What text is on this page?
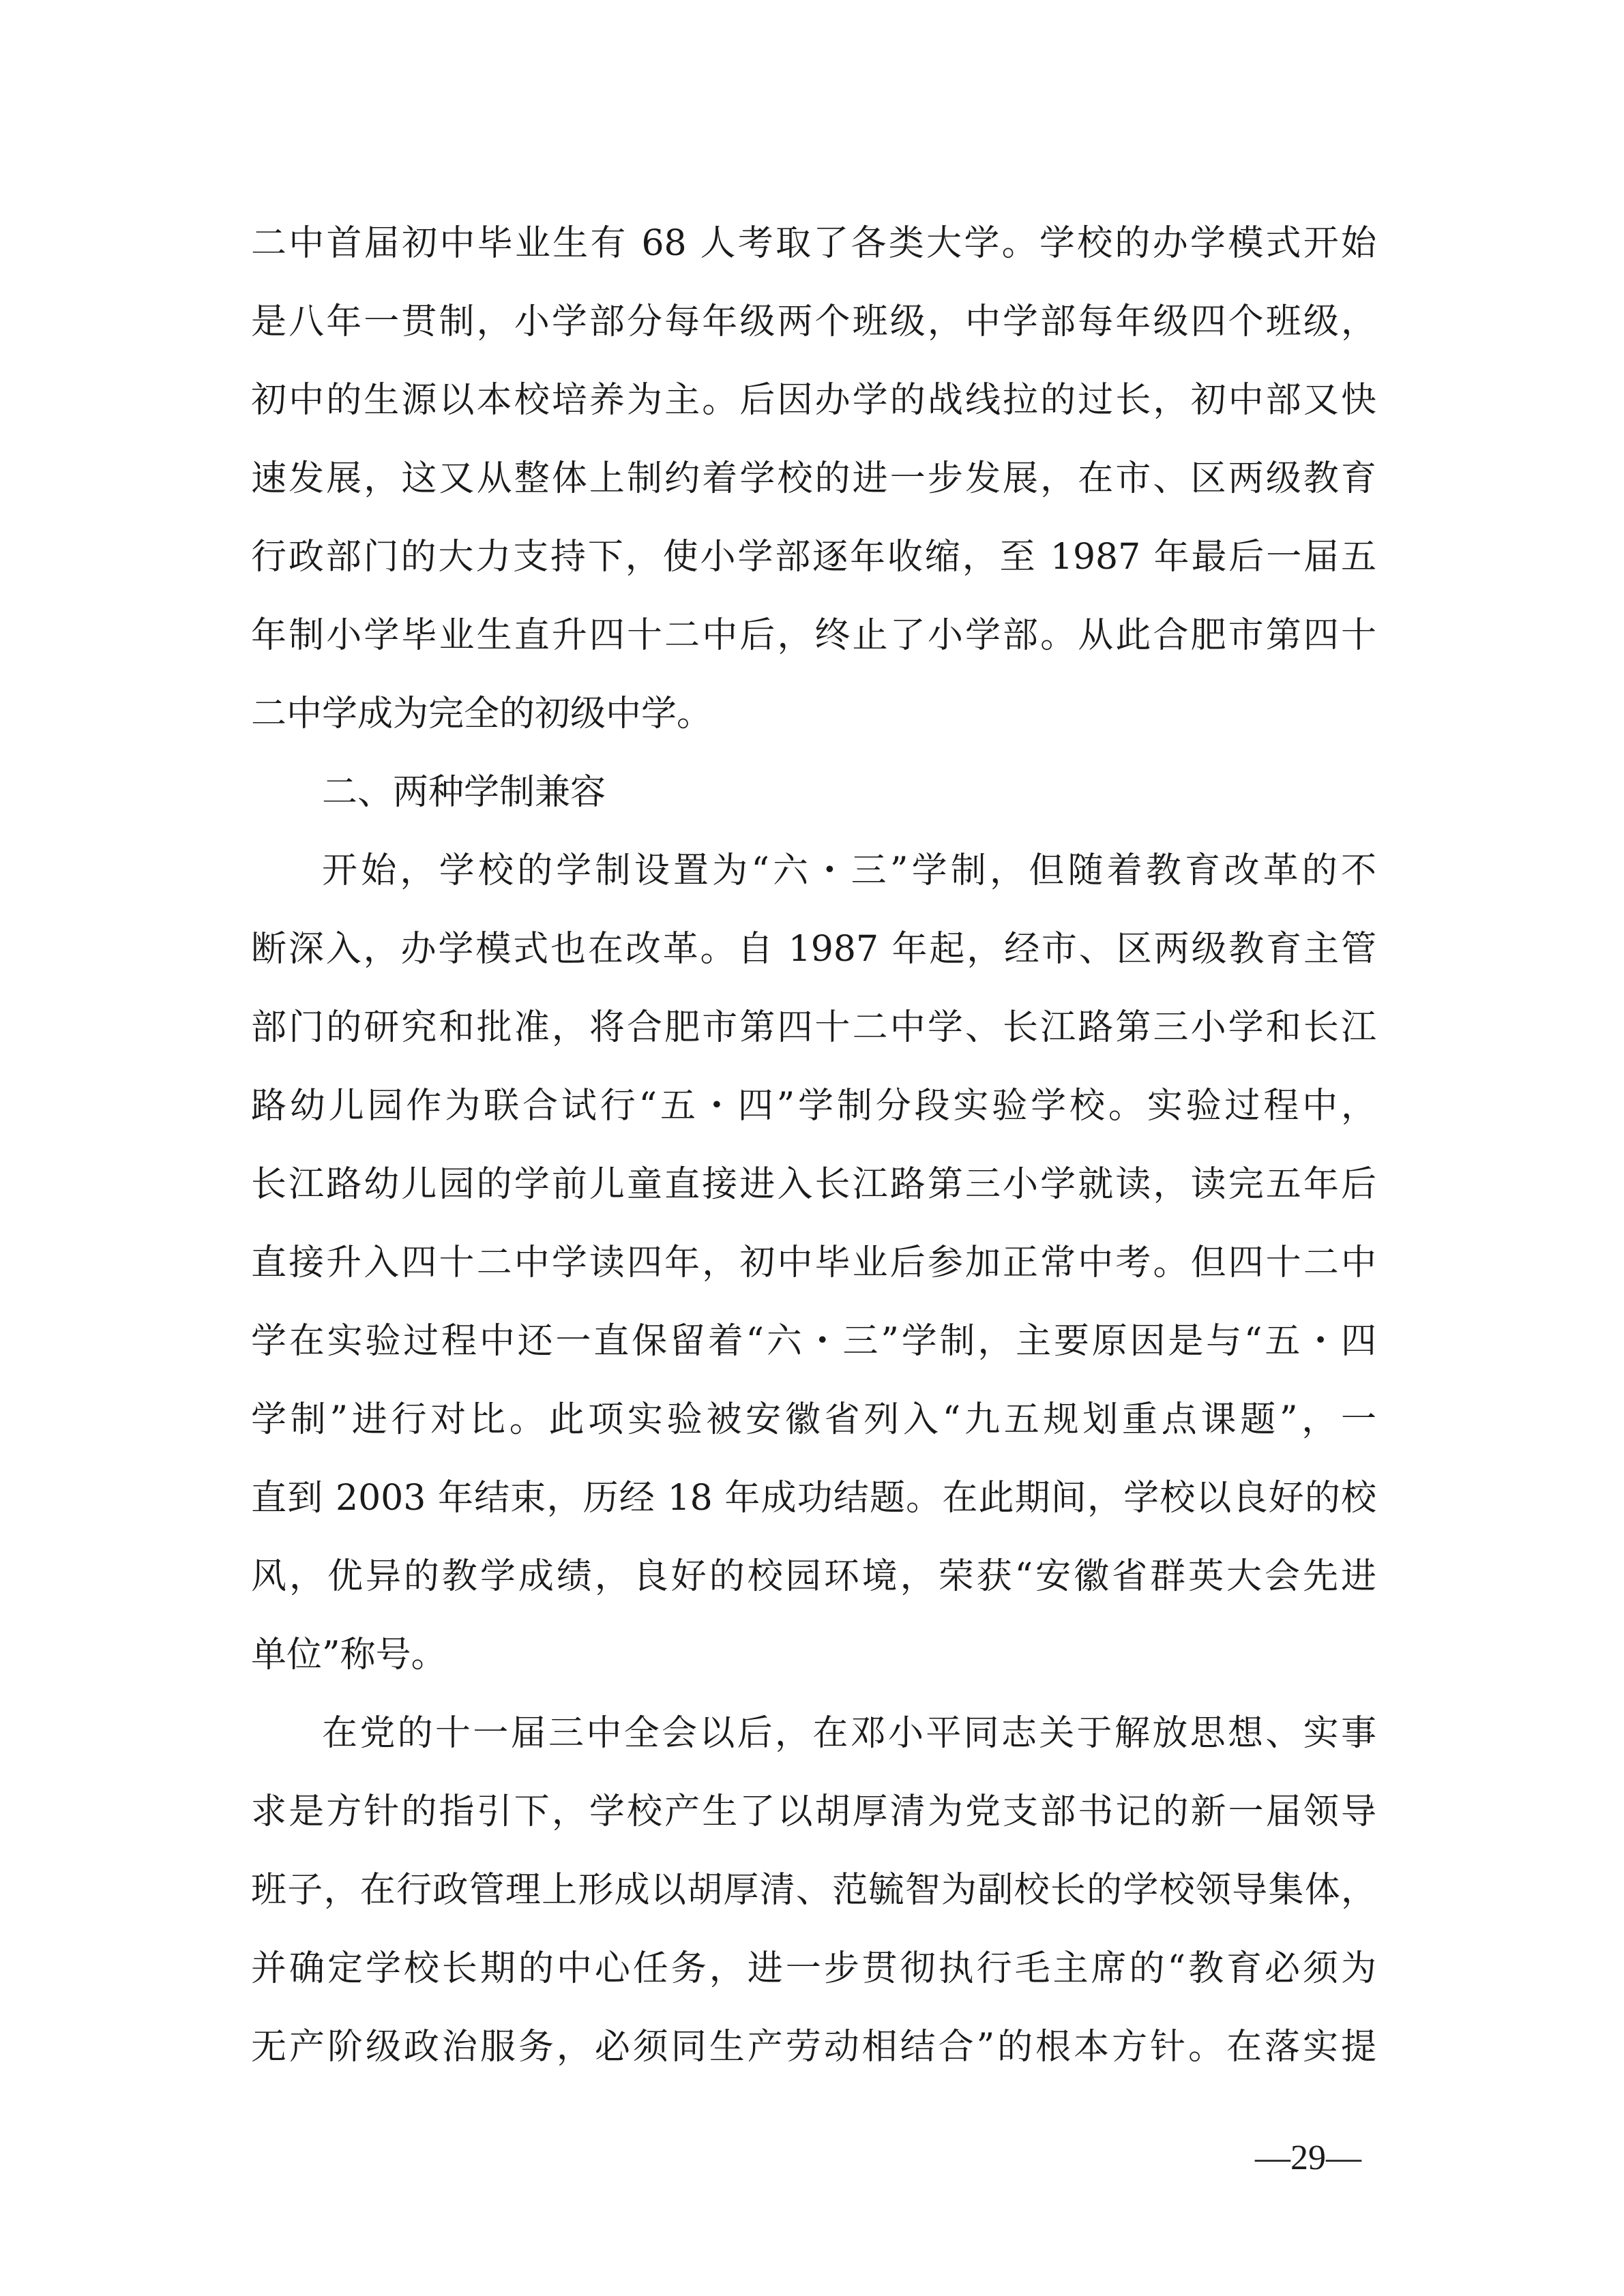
二中首届初中毕业生有 68 人考取了各类大学。学校的办学模式开始
是八年一贯制，小学部分每年级两个班级，中学部每年级四个班级，
初中的生源以本校培养为主。后因办学的战线拉的过长，初中部又快
速发展，这又从整体上制约着学校的进一步发展，在市、区两级教育
行政部门的大力支持下，使小学部逐年收缩，至 1987 年最后一届五
年制小学毕业生直升四十二中后，终止了小学部。从此合肥市第四十
二中学成为完全的初级中学。
二、两种学制兼容
开始，学校的学制设置为“六・三”学制，但随着教育改革的不
断深入，办学模式也在改革。自 1987 年起，经市、区两级教育主管
部门的研究和批准，将合肥市第四十二中学、长江路第三小学和长江
路幼儿园作为联合试行“五・四”学制分段实验学校。实验过程中，
长江路幼儿园的学前儿童直接进入长江路第三小学就读，读完五年后
直接升入四十二中学读四年，初中毕业后参加正常中考。但四十二中
学在实验过程中还一直保留着“六・三”学制，主要原因是与“五・四
学制”进行对比。此项实验被安徽省列入“九五规划重点课题”，一
直到 2003 年结束，历经 18 年成功结题。在此期间，学校以良好的校
风，优异的教学成绩，良好的校园环境，荣获“安徽省群英大会先进
单位”称号。
在党的十一届三中全会以后，在邓小平同志关于解放思想、实事
求是方针的指引下，学校产生了以胡厚清为党支部书记的新一届领导
班子，在行政管理上形成以胡厚清、范毓智为副校长的学校领导集体，
并确定学校长期的中心任务，进一步贯彻执行毛主席的“教育必须为
无产阶级政治服务，必须同生产劳动相结合”的根本方针。在落实提
—29—
